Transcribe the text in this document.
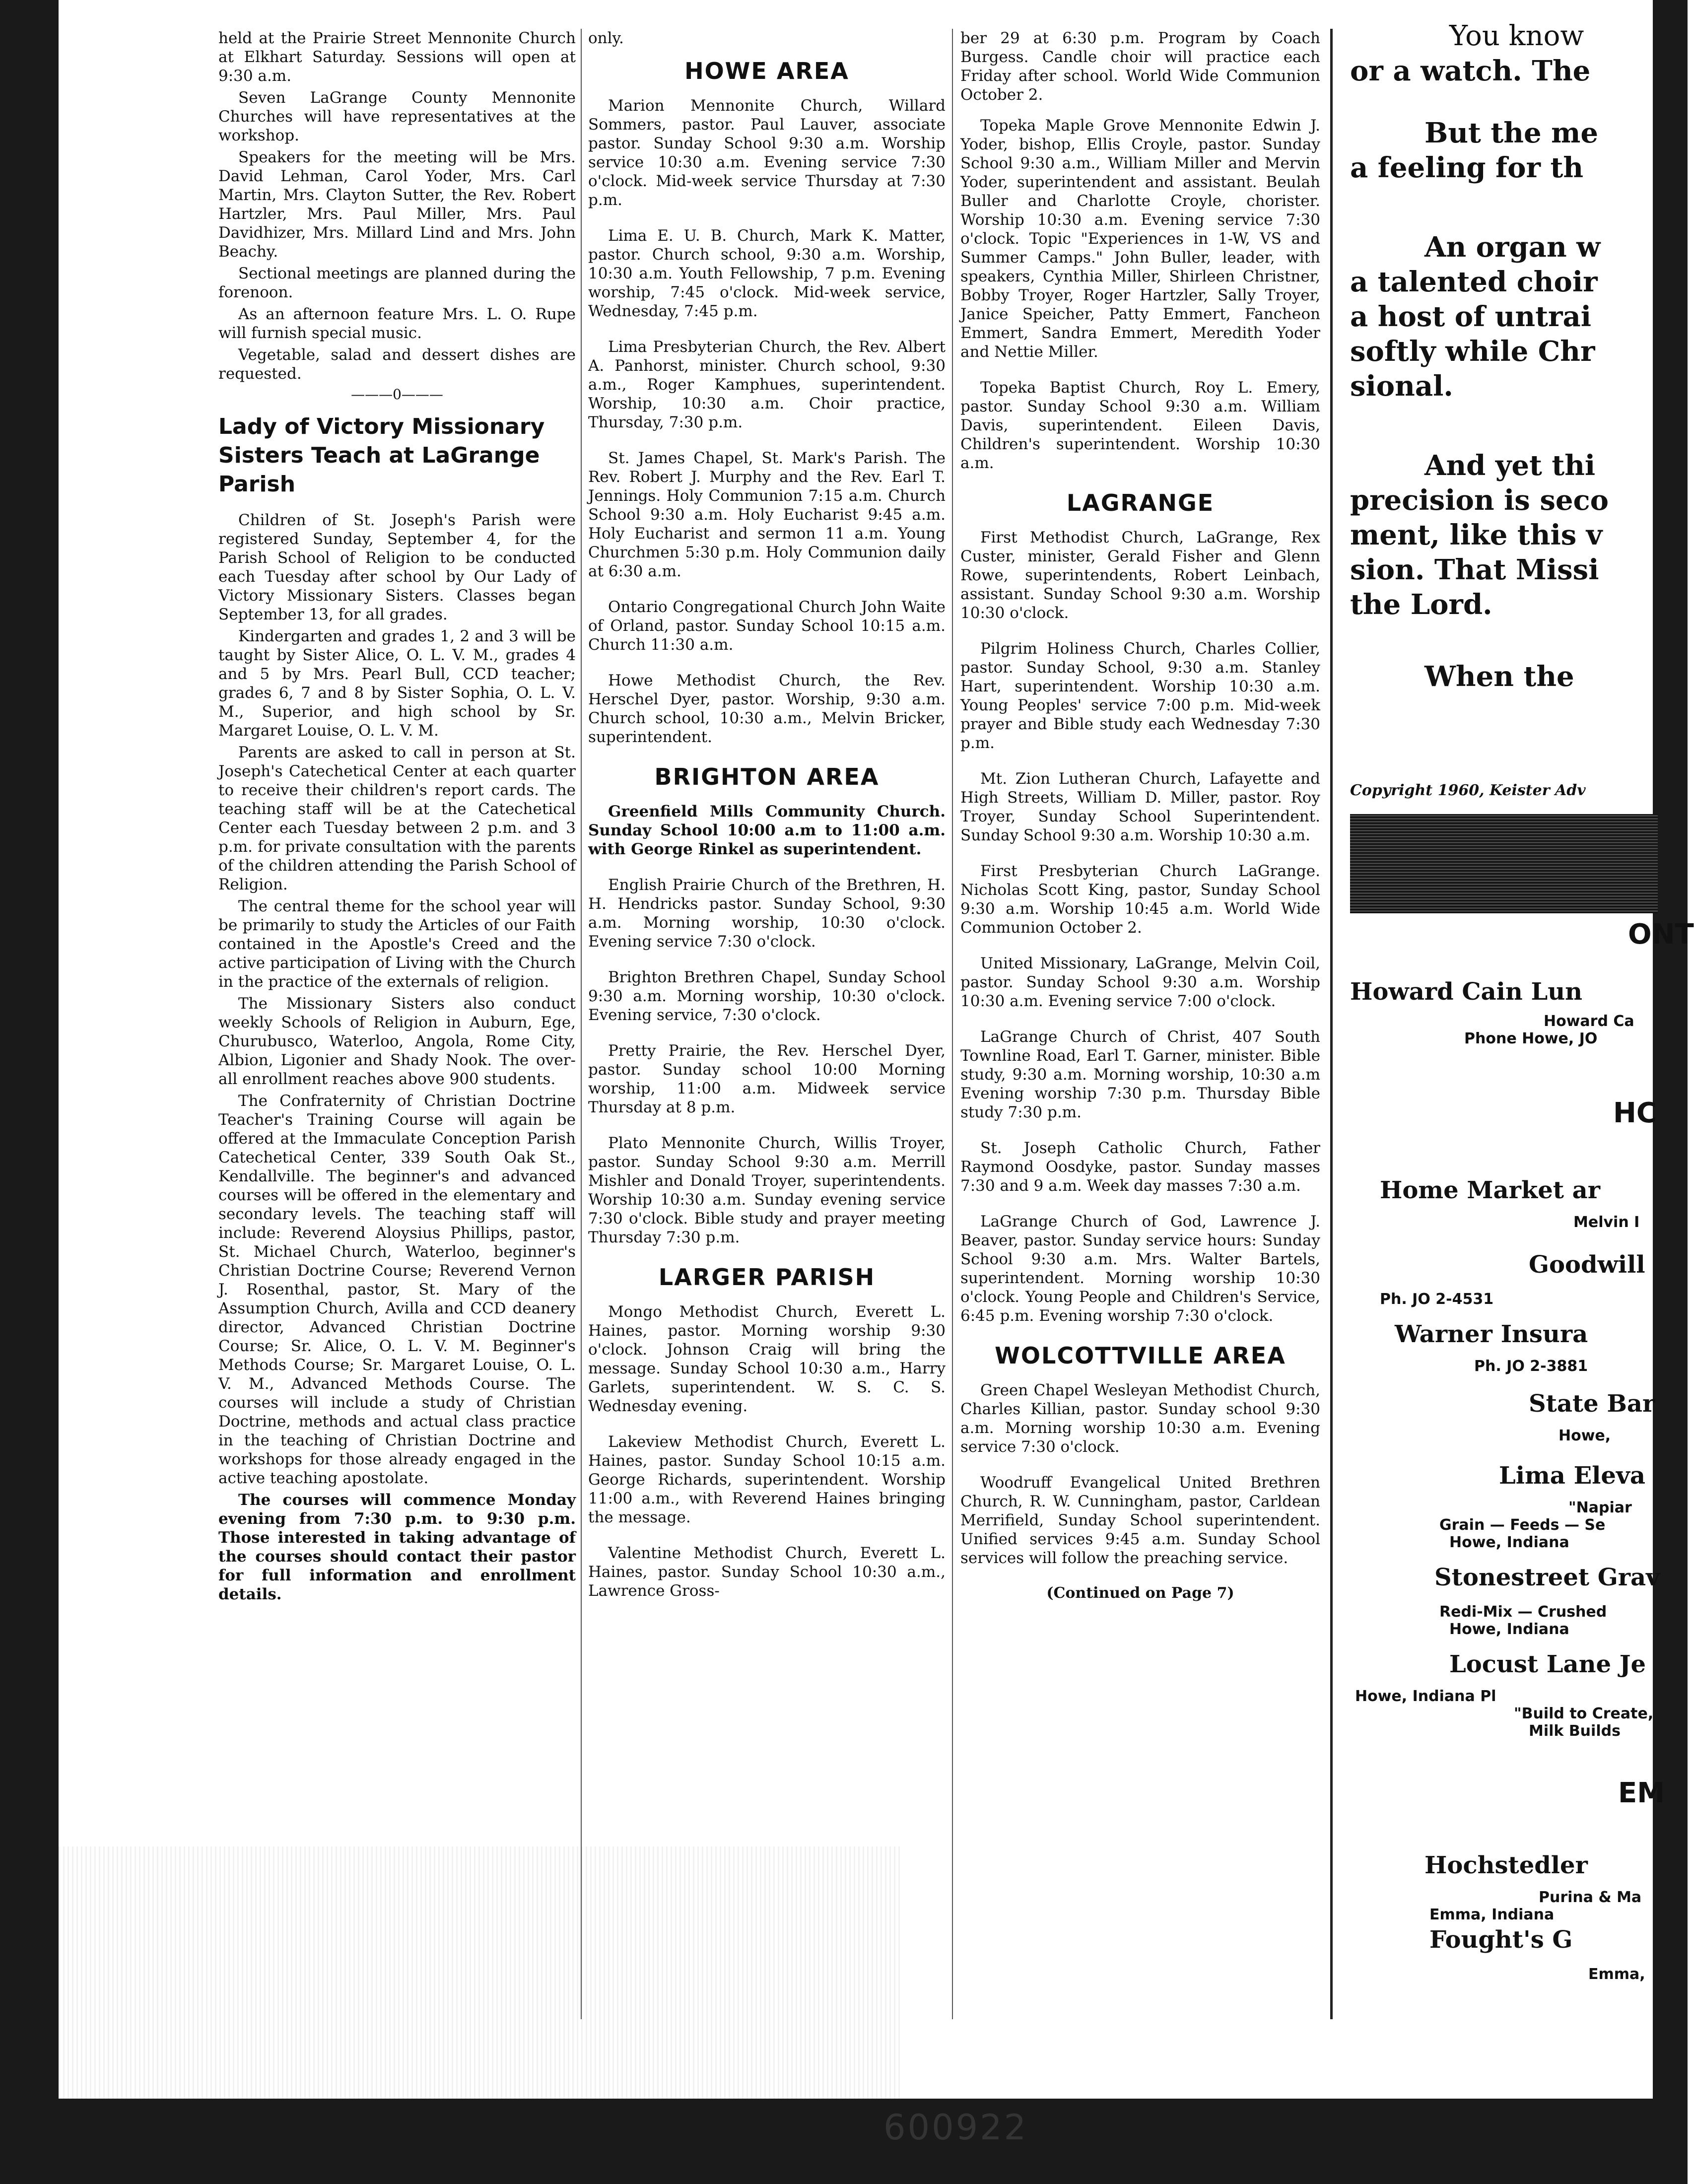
held at the Prairie Street Mennonite Church at Elkhart Saturday. Sessions will open at 9:30 a.m.

Seven LaGrange County Mennonite Churches will have representatives at the workshop.

Speakers for the meeting will be Mrs. David Lehman, Carol Yoder, Mrs. Carl Martin, Mrs. Clayton Sutter, the Rev. Robert Hartzler, Mrs. Paul Miller, Mrs. Paul Davidhizer, Mrs. Millard Lind and Mrs. John Beachy.

Sectional meetings are planned during the forenoon.

As an afternoon feature Mrs. L. O. Rupe will furnish special music.

Vegetable, salad and dessert dishes are requested.

———0———
Lady of Victory Missionary Sisters Teach at LaGrange Parish

Children of St. Joseph's Parish were registered Sunday, September 4, for the Parish School of Religion to be conducted each Tuesday after school by Our Lady of Victory Missionary Sisters. Classes began September 13, for all grades.

Kindergarten and grades 1, 2 and 3 will be taught by Sister Alice, O. L. V. M., grades 4 and 5 by Mrs. Pearl Bull, CCD teacher; grades 6, 7 and 8 by Sister Sophia, O. L. V. M., Superior, and high school by Sr. Margaret Louise, O. L. V. M.

Parents are asked to call in person at St. Joseph's Catechetical Center at each quarter to receive their children's report cards. The teaching staff will be at the Catechetical Center each Tuesday between 2 p.m. and 3 p.m. for private consultation with the parents of the children attending the Parish School of Religion.

The central theme for the school year will be primarily to study the Articles of our Faith contained in the Apostle's Creed and the active participation of Living with the Church in the practice of the externals of religion.

The Missionary Sisters also conduct weekly Schools of Religion in Auburn, Ege, Churubusco, Waterloo, Angola, Rome City, Albion, Ligonier and Shady Nook. The over-all enrollment reaches above 900 students.

The Confraternity of Christian Doctrine Teacher's Training Course will again be offered at the Immaculate Conception Parish Catechetical Center, 339 South Oak St., Kendallville. The beginner's and advanced courses will be offered in the elementary and secondary levels. The teaching staff will include: Reverend Aloysius Phillips, pastor, St. Michael Church, Waterloo, beginner's Christian Doctrine Course; Reverend Vernon J. Rosenthal, pastor, St. Mary of the Assumption Church, Avilla and CCD deanery director, Advanced Christian Doctrine Course; Sr. Alice, O. L. V. M. Beginner's Methods Course; Sr. Margaret Louise, O. L. V. M., Advanced Methods Course. The courses will include a study of Christian Doctrine, methods and actual class practice in the teaching of Christian Doctrine and workshops for those already engaged in the active teaching apostolate.

The courses will commence Monday evening from 7:30 p.m. to 9:30 p.m. Those interested in taking advantage of the courses should contact their pastor for full information and enrollment details.

only.

HOWE AREA

Marion Mennonite Church, Willard Sommers, pastor. Paul Lauver, associate pastor. Sunday School 9:30 a.m. Worship service 10:30 a.m. Evening service 7:30 o'clock. Mid-week service Thursday at 7:30 p.m.

Lima E. U. B. Church, Mark K. Matter, pastor. Church school, 9:30 a.m. Worship, 10:30 a.m. Youth Fellowship, 7 p.m. Evening worship, 7:45 o'clock. Mid-week service, Wednesday, 7:45 p.m.

Lima Presbyterian Church, the Rev. Albert A. Panhorst, minister. Church school, 9:30 a.m., Roger Kamphues, superintendent. Worship, 10:30 a.m. Choir practice, Thursday, 7:30 p.m.

St. James Chapel, St. Mark's Parish. The Rev. Robert J. Murphy and the Rev. Earl T. Jennings. Holy Communion 7:15 a.m. Church School 9:30 a.m. Holy Eucharist 9:45 a.m. Holy Eucharist and sermon 11 a.m. Young Churchmen 5:30 p.m. Holy Communion daily at 6:30 a.m.

Ontario Congregational Church John Waite of Orland, pastor. Sunday School 10:15 a.m. Church 11:30 a.m.

Howe Methodist Church, the Rev. Herschel Dyer, pastor. Worship, 9:30 a.m. Church school, 10:30 a.m., Melvin Bricker, superintendent.

BRIGHTON AREA

Greenfield Mills Community Church. Sunday School 10:00 a.m to 11:00 a.m. with George Rinkel as superintendent.

English Prairie Church of the Brethren, H. H. Hendricks pastor. Sunday School, 9:30 a.m. Morning worship, 10:30 o'clock. Evening service 7:30 o'clock.

Brighton Brethren Chapel, Sunday School 9:30 a.m. Morning worship, 10:30 o'clock. Evening service, 7:30 o'clock.

Pretty Prairie, the Rev. Herschel Dyer, pastor. Sunday school 10:00 Morning worship, 11:00 a.m. Midweek service Thursday at 8 p.m.

Plato Mennonite Church, Willis Troyer, pastor. Sunday School 9:30 a.m. Merrill Mishler and Donald Troyer, superintendents. Worship 10:30 a.m. Sunday evening service 7:30 o'clock. Bible study and prayer meeting Thursday 7:30 p.m.

LARGER PARISH

Mongo Methodist Church, Everett L. Haines, pastor. Morning worship 9:30 o'clock. Johnson Craig will bring the message. Sunday School 10:30 a.m., Harry Garlets, superintendent. W. S. C. S. Wednesday evening.

Lakeview Methodist Church, Everett L. Haines, pastor. Sunday School 10:15 a.m. George Richards, superintendent. Worship 11:00 a.m., with Reverend Haines bringing the message.

Valentine Methodist Church, Everett L. Haines, pastor. Sunday School 10:30 a.m., Lawrence Gross-

ber 29 at 6:30 p.m. Program by Coach Burgess. Candle choir will practice each Friday after school. World Wide Communion October 2.

Topeka Maple Grove Mennonite Edwin J. Yoder, bishop, Ellis Croyle, pastor. Sunday School 9:30 a.m., William Miller and Mervin Yoder, superintendent and assistant. Beulah Buller and Charlotte Croyle, chorister. Worship 10:30 a.m. Evening service 7:30 o'clock. Topic "Experiences in 1-W, VS and Summer Camps." John Buller, leader, with speakers, Cynthia Miller, Shirleen Christner, Bobby Troyer, Roger Hartzler, Sally Troyer, Janice Speicher, Patty Emmert, Fancheon Emmert, Sandra Emmert, Meredith Yoder and Nettie Miller.

Topeka Baptist Church, Roy L. Emery, pastor. Sunday School 9:30 a.m. William Davis, superintendent. Eileen Davis, Children's superintendent. Worship 10:30 a.m.

LAGRANGE

First Methodist Church, LaGrange, Rex Custer, minister, Gerald Fisher and Glenn Rowe, superintendents, Robert Leinbach, assistant. Sunday School 9:30 a.m. Worship 10:30 o'clock.

Pilgrim Holiness Church, Charles Collier, pastor. Sunday School, 9:30 a.m. Stanley Hart, superintendent. Worship 10:30 a.m. Young Peoples' service 7:00 p.m. Mid-week prayer and Bible study each Wednesday 7:30 p.m.

Mt. Zion Lutheran Church, Lafayette and High Streets, William D. Miller, pastor. Roy Troyer, Sunday School Superintendent. Sunday School 9:30 a.m. Worship 10:30 a.m.

First Presbyterian Church LaGrange. Nicholas Scott King, pastor, Sunday School 9:30 a.m. Worship 10:45 a.m. World Wide Communion October 2.

United Missionary, LaGrange, Melvin Coil, pastor. Sunday School 9:30 a.m. Worship 10:30 a.m. Evening service 7:00 o'clock.

LaGrange Church of Christ, 407 South Townline Road, Earl T. Garner, minister. Bible study, 9:30 a.m. Morning worship, 10:30 a.m Evening worship 7:30 p.m. Thursday Bible study 7:30 p.m.

St. Joseph Catholic Church, Father Raymond Oosdyke, pastor. Sunday masses 7:30 and 9 a.m. Week day masses 7:30 a.m.

LaGrange Church of God, Lawrence J. Beaver, pastor. Sunday service hours: Sunday School 9:30 a.m. Mrs. Walter Bartels, superintendent. Morning worship 10:30 o'clock. Young People and Children's Service, 6:45 p.m. Evening worship 7:30 o'clock.

WOLCOTTVILLE AREA

Green Chapel Wesleyan Methodist Church, Charles Killian, pastor. Sunday school 9:30 a.m. Morning worship 10:30 a.m. Evening service 7:30 o'clock.

Woodruff Evangelical United Brethren Church, R. W. Cunningham, pastor, Carldean Merrifield, Sunday School superintendent. Unified services 9:45 a.m. Sunday School services will follow the preaching service.

(Continued on Page 7)
You know
or a watch. The
But the me
a feeling for th
An organ w
a talented choir
a host of untrai
softly while Chr
sional.
And yet thi
precision is seco
ment, like this v
sion. That Missi
the Lord.
When the
Copyright 1960, Keister Adv
ONT
Howard Cain Lun
Howard Ca
Phone Howe, JO
HC
Home Market ar
Melvin I
Goodwill
Ph. JO 2-4531
Warner Insura
Ph. JO 2-3881
State Bar
Howe,
Lima Eleva
"Napiar
Grain — Feeds — Se
Howe, Indiana
Stonestreet Grav
Redi-Mix — Crushed
Howe, Indiana
Locust Lane Je
Howe, Indiana Pl
"Build to Create,
Milk Builds
EM
Hochstedler
Purina & Ma
Emma, Indiana
Fought's G
Emma,
600922
